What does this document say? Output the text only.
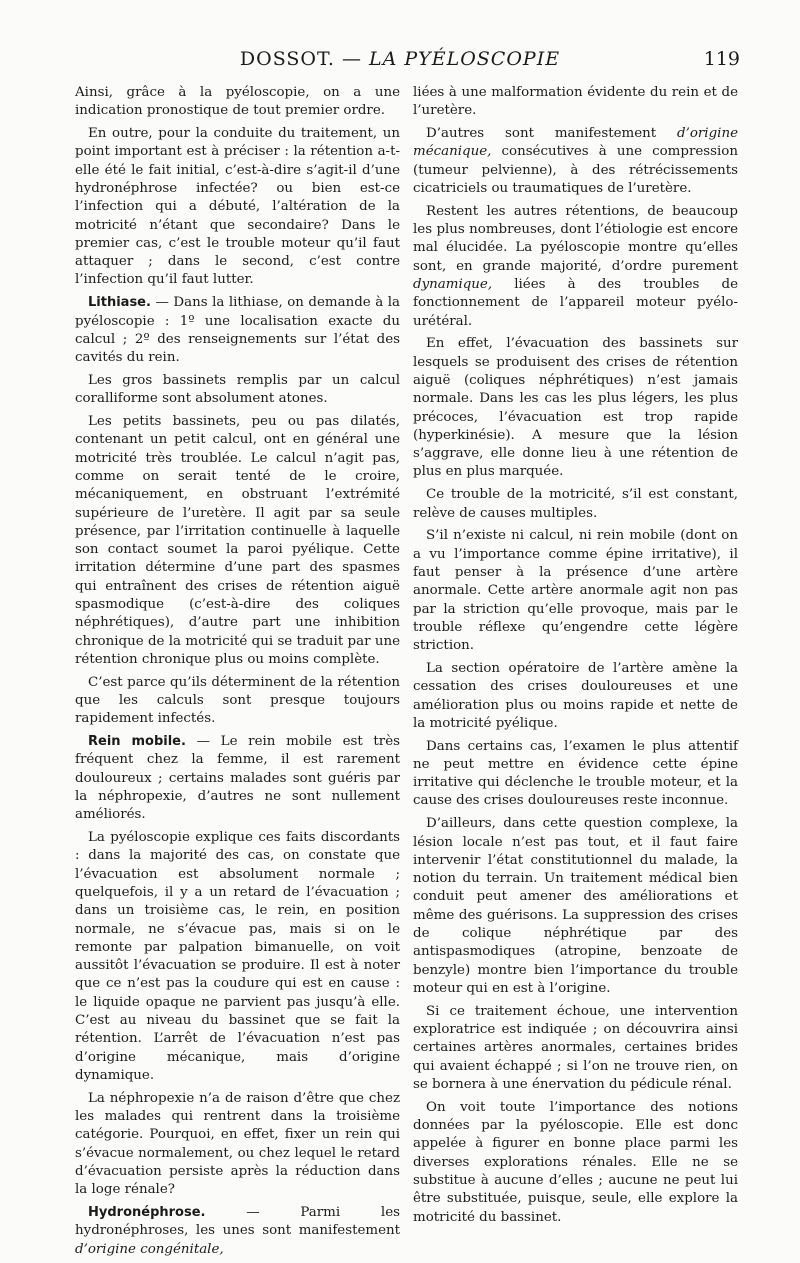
DOSSOT. — LA PYÉLOSCOPIE	119

Ainsi, grâce à la pyéloscopie, on a une indication pronostique de tout premier ordre.

En outre, pour la conduite du traitement, un point important est à préciser : la rétention a-t-elle été le fait initial, c’est-à-dire s’agit-il d’une hydronéphrose infectée? ou bien est-ce l’infection qui a débuté, l’altération de la motricité n’étant que secondaire? Dans le premier cas, c’est le trouble moteur qu’il faut attaquer ; dans le second, c’est contre l’infection qu’il faut lutter.

Lithiase. — Dans la lithiase, on demande à la pyéloscopie : 1º une localisation exacte du calcul ; 2º des renseignements sur l’état des cavités du rein.

Les gros bassinets remplis par un calcul coralliforme sont absolument atones.

Les petits bassinets, peu ou pas dilatés, contenant un petit calcul, ont en général une motricité très troublée. Le calcul n’agit pas, comme on serait tenté de le croire, mécaniquement, en obstruant l’extrémité supérieure de l’uretère. Il agit par sa seule présence, par l’irritation continuelle à laquelle son contact soumet la paroi pyélique. Cette irritation détermine d’une part des spasmes qui entraînent des crises de rétention aiguë spasmodique (c’est-à-dire des coliques néphrétiques), d’autre part une inhibition chronique de la motricité qui se traduit par une rétention chronique plus ou moins complète.

C’est parce qu’ils déterminent de la rétention que les calculs sont presque toujours rapidement infectés.

Rein mobile. — Le rein mobile est très fréquent chez la femme, il est rarement douloureux ; certains malades sont guéris par la néphropexie, d’autres ne sont nullement améliorés.

La pyéloscopie explique ces faits discordants : dans la majorité des cas, on constate que l’évacuation est absolument normale ; quelquefois, il y a un retard de l’évacuation ; dans un troisième cas, le rein, en position normale, ne s’évacue pas, mais si on le remonte par palpation bimanuelle, on voit aussitôt l’évacuation se produire. Il est à noter que ce n’est pas la coudure qui est en cause : le liquide opaque ne parvient pas jusqu’à elle. C’est au niveau du bassinet que se fait la rétention. L’arrêt de l’évacuation n’est pas d’origine mécanique, mais d’origine dynamique.

La néphropexie n’a de raison d’être que chez les malades qui rentrent dans la troisième catégorie. Pourquoi, en effet, fixer un rein qui s’évacue normalement, ou chez lequel le retard d’évacuation persiste après la réduction dans la loge rénale?

Hydronéphrose. — Parmi les hydronéphroses, les unes sont manifestement d’origine congénitale,

liées à une malformation évidente du rein et de l’uretère.

D’autres sont manifestement d’origine mécanique, consécutives à une compression (tumeur pelvienne), à des rétrécissements cicatriciels ou traumatiques de l’uretère.

Restent les autres rétentions, de beaucoup les plus nombreuses, dont l’étiologie est encore mal élucidée. La pyéloscopie montre qu’elles sont, en grande majorité, d’ordre purement dynamique, liées à des troubles de fonctionnement de l’appareil moteur pyélo-urétéral.

En effet, l’évacuation des bassinets sur lesquels se produisent des crises de rétention aiguë (coliques néphrétiques) n’est jamais normale. Dans les cas les plus légers, les plus précoces, l’évacuation est trop rapide (hyperkinésie). A mesure que la lésion s’aggrave, elle donne lieu à une rétention de plus en plus marquée.

Ce trouble de la motricité, s’il est constant, relève de causes multiples.

S’il n’existe ni calcul, ni rein mobile (dont on a vu l’importance comme épine irritative), il faut penser à la présence d’une artère anormale. Cette artère anormale agit non pas par la striction qu’elle provoque, mais par le trouble réflexe qu’engendre cette légère striction.

La section opératoire de l’artère amène la cessation des crises douloureuses et une amélioration plus ou moins rapide et nette de la motricité pyélique.

Dans certains cas, l’examen le plus attentif ne peut mettre en évidence cette épine irritative qui déclenche le trouble moteur, et la cause des crises douloureuses reste inconnue.

D’ailleurs, dans cette question complexe, la lésion locale n’est pas tout, et il faut faire intervenir l’état constitutionnel du malade, la notion du terrain. Un traitement médical bien conduit peut amener des améliorations et même des guérisons. La suppression des crises de colique néphrétique par des antispasmodiques (atropine, benzoate de benzyle) montre bien l’importance du trouble moteur qui en est à l’origine.

Si ce traitement échoue, une intervention exploratrice est indiquée ; on découvrira ainsi certaines artères anormales, certaines brides qui avaient échappé ; si l’on ne trouve rien, on se bornera à une énervation du pédicule rénal.

On voit toute l’importance des notions données par la pyéloscopie. Elle est donc appelée à figurer en bonne place parmi les diverses explorations rénales. Elle ne se substitue à aucune d’elles ; aucune ne peut lui être substituée, puisque, seule, elle explore la motricité du bassinet.
